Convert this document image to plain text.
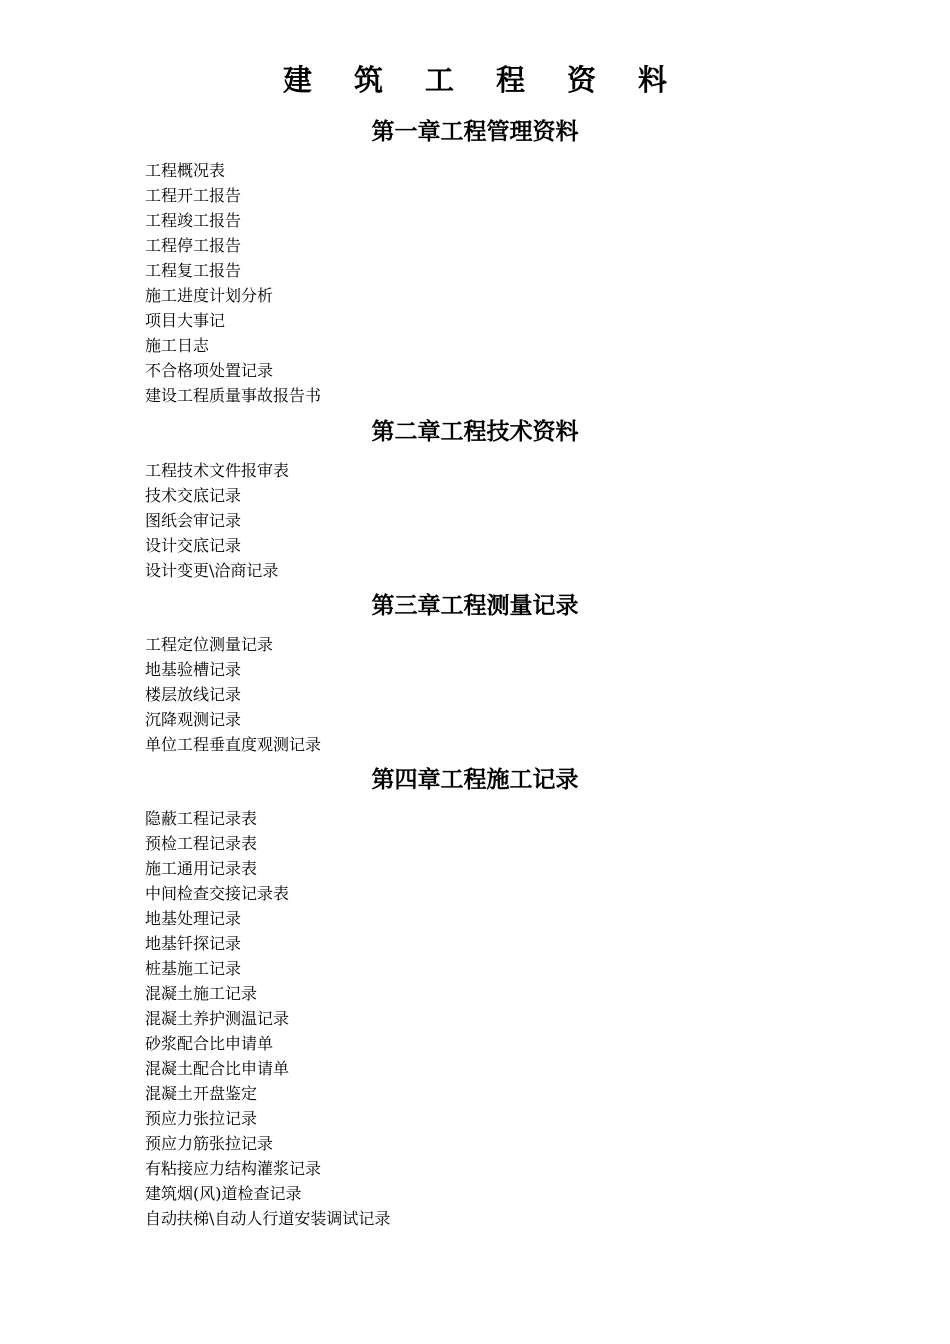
建 筑 工 程 资 料
第一章工程管理资料
工程概况表
工程开工报告
工程竣工报告
工程停工报告
工程复工报告
施工进度计划分析
项目大事记
施工日志
不合格项处置记录
建设工程质量事故报告书
第二章工程技术资料
工程技术文件报审表
技术交底记录
图纸会审记录
设计交底记录
设计变更\洽商记录
第三章工程测量记录
工程定位测量记录
地基验槽记录
楼层放线记录
沉降观测记录
单位工程垂直度观测记录
第四章工程施工记录
隐蔽工程记录表
预检工程记录表
施工通用记录表
中间检查交接记录表
地基处理记录
地基钎探记录
桩基施工记录
混凝土施工记录
混凝土养护测温记录
砂浆配合比申请单
混凝土配合比申请单
混凝土开盘鉴定
预应力张拉记录
预应力筋张拉记录
有粘接应力结构灌浆记录
建筑烟(风)道检查记录
自动扶梯\自动人行道安装调试记录
